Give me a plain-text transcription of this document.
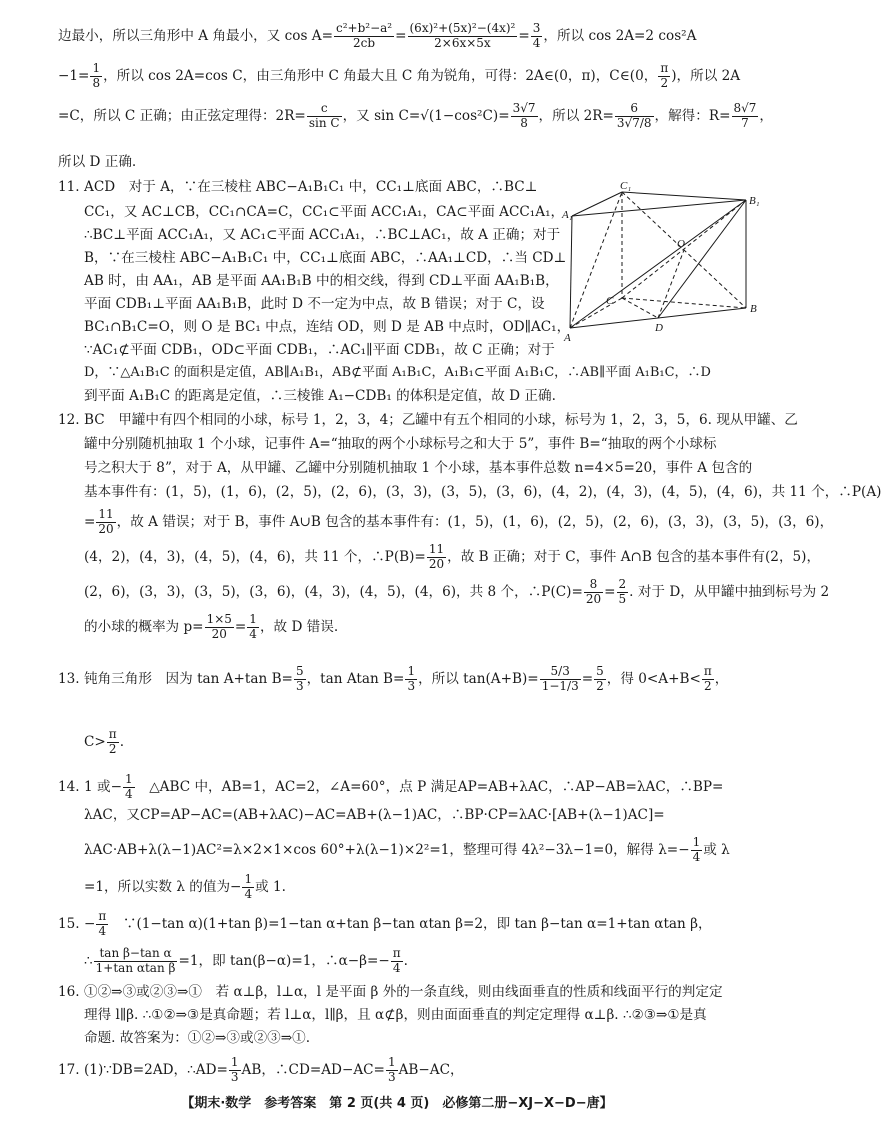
边最小，所以三角形中 A 角最小，又 $\cos A= \frac{\text{c²+b²−a²}}{2cb} = \frac{\text{(6x)²+(5x)²−(4x)²}}{2\times 6x\times 5x} = \frac{3}{4}$ ，所以 cos 2A=2 cos²A
$-1= \frac{1}{8}$ ，所以 cos 2A=cos C，由三角形中 C 角最大且 C 角为锐角，可得：2A∈(0，π)，C∈(0， $\frac{\pi}{2}$ )，所以 2A
=C，所以 C 正确；由正弦定理得：$2R= \frac{c}{\text{sin C}}$ ，又 $\sin C=√(1-\cos^2C)= \frac{3√7}{8}$ ，所以 $2R= \frac{6}{3√7/8}$ ，解得：$R= \frac{8√7}{7}$ ，
所以 D 正确.
11. ACD　对于 A，∵在三棱柱 ABC−A₁B₁C₁ 中，CC₁⊥底面 ABC，∴BC⊥
CC₁，又 AC⊥CB，CC₁∩CA=C，CC₁⊂平面 ACC₁A₁，CA⊂平面 ACC₁A₁，
∴BC⊥平面 ACC₁A₁，又 AC₁⊂平面 ACC₁A₁，∴BC⊥AC₁，故 A 正确；对于
B，∵在三棱柱 ABC−A₁B₁C₁ 中，CC₁⊥底面 ABC，∴AA₁⊥CD，∴当 CD⊥
AB 时，由 AA₁，AB 是平面 AA₁B₁B 中的相交线，得到 CD⊥平面 AA₁B₁B，
平面 CDB₁⊥平面 AA₁B₁B，此时 D 不一定为中点，故 B 错误；对于 C，设
BC₁∩B₁C=O，则 O 是 BC₁ 中点，连结 OD，则 D 是 AB 中点时，OD∥AC₁，
∵AC₁⊄平面 CDB₁，OD⊂平面 CDB₁，∴AC₁∥平面 CDB₁，故 C 正确；对于
D，∵△A₁B₁C 的面积是定值，AB∥A₁B₁，AB⊄平面 A₁B₁C，A₁B₁⊂平面 A₁B₁C，∴AB∥平面 A₁B₁C，∴D
到平面 A₁B₁C 的距离是定值，∴三棱锥 A₁−CDB₁ 的体积是定值，故 D 正确.
C₁
B₁
A₁
O
C
B
D
A
12. BC　甲罐中有四个相同的小球，标号 1，2，3，4；乙罐中有五个相同的小球，标号为 1，2，3，5，6. 现从甲罐、乙
罐中分别随机抽取 1 个小球，记事件 A=“抽取的两个小球标号之和大于 5”，事件 B=“抽取的两个小球标
号之积大于 8”，对于 A，从甲罐、乙罐中分别随机抽取 1 个小球，基本事件总数 n=4×5=20，事件 A 包含的
基本事件有：(1，5)，(1，6)，(2，5)，(2，6)，(3，3)，(3，5)，(3，6)，(4，2)，(4，3)，(4，5)，(4，6)，共 11 个，∴P(A)
= $\frac{11}{20}$ ，故 A 错误；对于 B，事件 A∪B 包含的基本事件有：(1，5)，(1，6)，(2，5)，(2，6)，(3，3)，(3，5)，(3，6)，
(4，2)，(4，3)，(4，5)，(4，6)，共 11 个，∴P(B)= $\frac{11}{20}$ ，故 B 正确；对于 C，事件 A∩B 包含的基本事件有(2，5)，
(2，6)，(3，3)，(3，5)，(3，6)，(4，3)，(4，5)，(4，6)，共 8 个，∴P(C)= $\frac{8}{20} = \frac{2}{5}$ . 对于 D，从甲罐中抽到标号为 2
的小球的概率为 $p= \frac{1\times 5}{20} = \frac{1}{4}$ ，故 D 错误.
13. 钝角三角形　因为 tan A+tan $B= \frac{5}{3}$ ，tan Atan $B= \frac{1}{3}$ ，所以 $\tan(A+B)= \frac{5/3}{1-1/3} = \frac{5}{2}$ ，得 $0<A+B< \frac{\pi}{2}$ ，
$C> \frac{\pi}{2}$ .
14. 1 或− $\frac{1}{4}$ 　△ABC 中，AB=1，AC=2，∠A=60°，点 P 满足AP=AB+λAC，∴AP−AB=λAC，∴BP=
λAC，又CP=AP−AC=(AB+λAC)−AC=AB+(λ−1)AC，∴BP·CP=λAC·[AB+(λ−1)AC]=
λAC·AB+λ(λ−1)AC²=λ×2×1×cos 60°+λ(λ−1)×2²=1，整理可得 4λ²−3λ−1=0，解得 $\lambda=- \frac{1}{4}$ 或 λ
=1，所以实数 λ 的值为− $\frac{1}{4}$ 或 1.
15. − $\frac{\pi}{4}$ 　∵(1−tan α)(1+tan β)=1−tan α+tan β−tan αtan β=2，即 tan β−tan α=1+tan αtan β，
∴ $\frac{\text{tan β−tan α}}{\text{1+tan αtan β}} =1$，即 tan(β−α)=1，∴α−β=− $\frac{\pi}{4}$ .
16. ①②⇒③或②③⇒①　若 α⊥β，l⊥α，l 是平面 β 外的一条直线，则由线面垂直的性质和线面平行的判定定
理得 l∥β. ∴①②⇒③是真命题；若 l⊥α，l∥β，且 α⊄β，则由面面垂直的判定定理得 α⊥β. ∴②③⇒①是真
命题. 故答案为：①②⇒③或②③⇒①.
17. (1)∵DB=2AD，∴AD= $\frac{1}{3}$ AB，∴CD=AD−AC= $\frac{1}{3} AB-AC$，
【期末·数学　参考答案　第 2 页(共 4 页)　必修第二册−XJ−X−D−唐】
